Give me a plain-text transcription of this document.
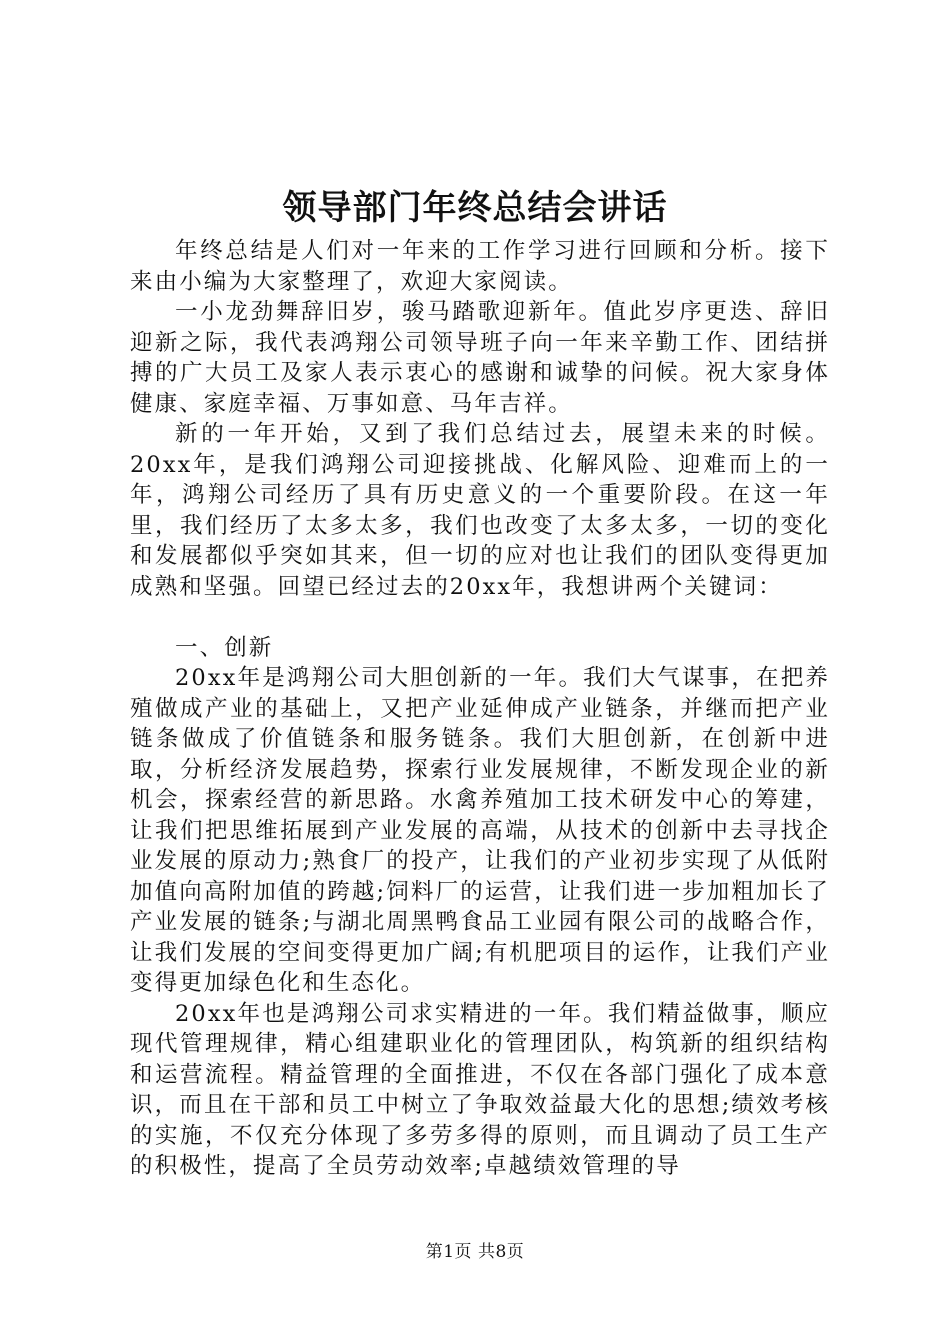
领导部门年终总结会讲话

年终总结是人们对一年来的工作学习进行回顾和分析。接下来由小编为大家整理了，欢迎大家阅读。

一小龙劲舞辞旧岁，骏马踏歌迎新年。值此岁序更迭、辞旧迎新之际，我代表鸿翔公司领导班子向一年来辛勤工作、团结拼搏的广大员工及家人表示衷心的感谢和诚挚的问候。祝大家身体健康、家庭幸福、万事如意、马年吉祥。

新的一年开始，又到了我们总结过去，展望未来的时候。20xx年，是我们鸿翔公司迎接挑战、化解风险、迎难而上的一年，鸿翔公司经历了具有历史意义的一个重要阶段。在这一年里，我们经历了太多太多，我们也改变了太多太多，一切的变化和发展都似乎突如其来，但一切的应对也让我们的团队变得更加成熟和坚强。回望已经过去的20xx年，我想讲两个关键词：

一、创新

20xx年是鸿翔公司大胆创新的一年。我们大气谋事，在把养殖做成产业的基础上，又把产业延伸成产业链条，并继而把产业链条做成了价值链条和服务链条。我们大胆创新，在创新中进取，分析经济发展趋势，探索行业发展规律，不断发现企业的新机会，探索经营的新思路。水禽养殖加工技术研发中心的筹建，让我们把思维拓展到产业发展的高端，从技术的创新中去寻找企业发展的原动力;熟食厂的投产，让我们的产业初步实现了从低附加值向高附加值的跨越;饲料厂的运营，让我们进一步加粗加长了产业发展的链条;与湖北周黑鸭食品工业园有限公司的战略合作，让我们发展的空间变得更加广阔;有机肥项目的运作，让我们产业变得更加绿色化和生态化。

20xx年也是鸿翔公司求实精进的一年。我们精益做事，顺应现代管理规律，精心组建职业化的管理团队，构筑新的组织结构和运营流程。精益管理的全面推进，不仅在各部门强化了成本意识，而且在干部和员工中树立了争取效益最大化的思想;绩效考核的实施，不仅充分体现了多劳多得的原则，而且调动了员工生产的积极性，提高了全员劳动效率;卓越绩效管理的导

第1页 共8页
